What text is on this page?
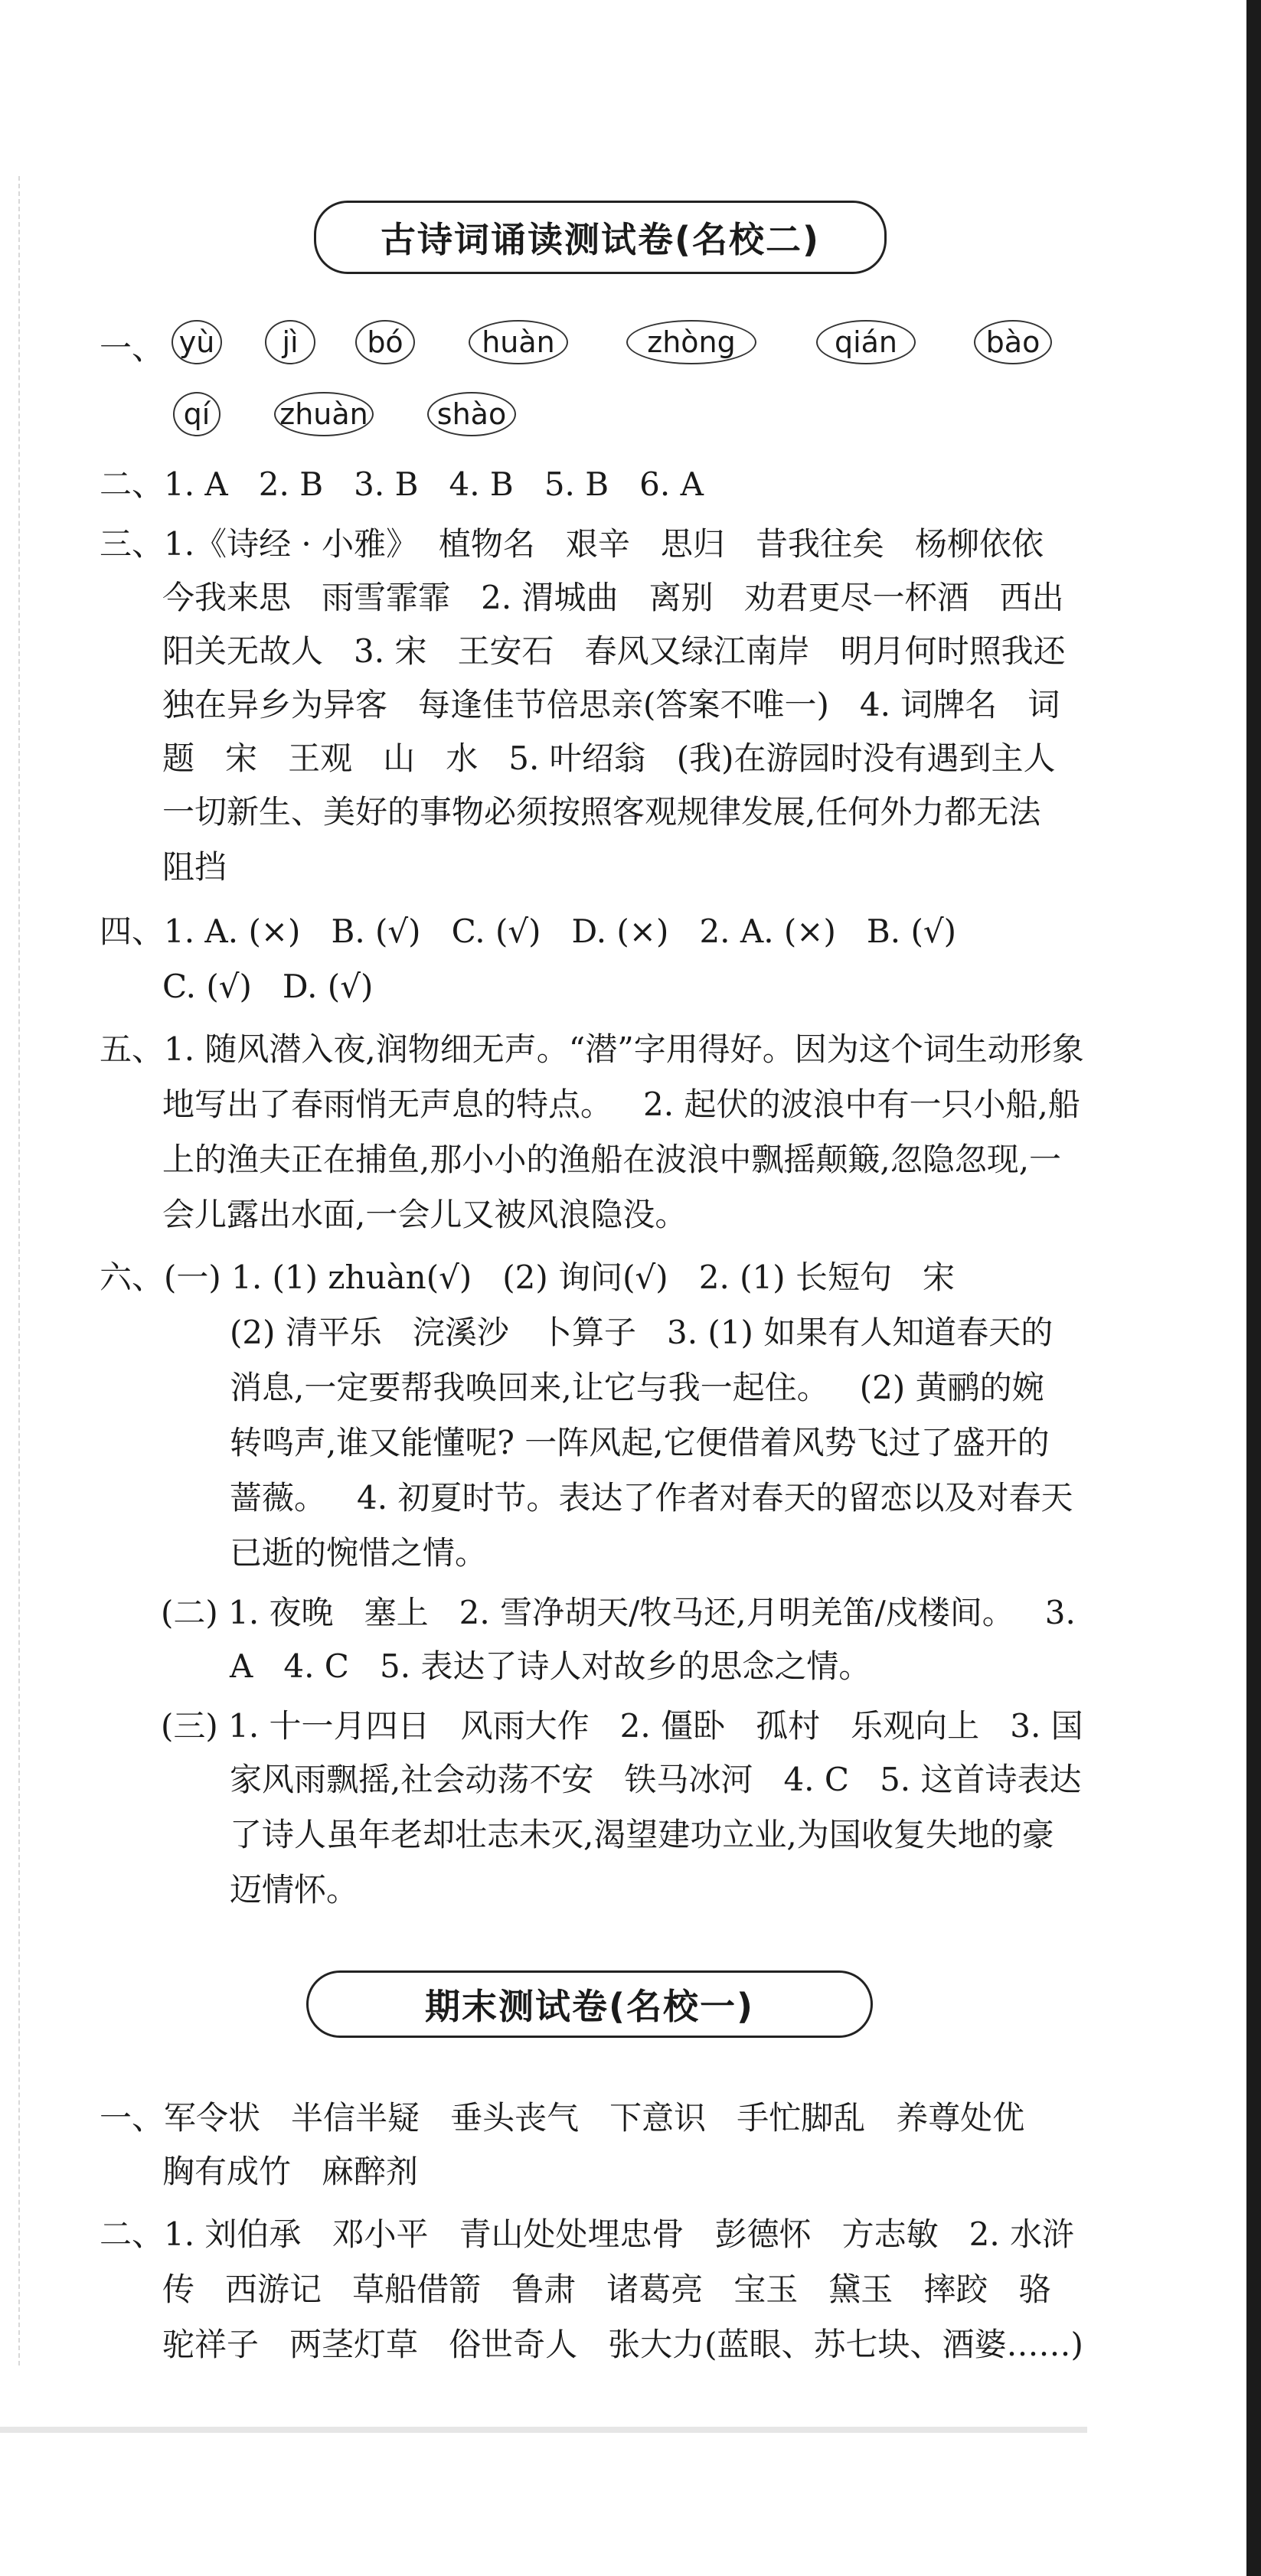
古诗词诵读测试卷(名校二)
一、 yù	jì	bó	huàn	zhòng	qián	bào
qí	zhuàn	shào
二、1. A   2. B   3. B   4. B   5. B   6. A
三、1.《诗经 · 小雅》  植物名   艰辛   思归   昔我往矣   杨柳依依
今我来思   雨雪霏霏   2. 渭城曲   离别   劝君更尽一杯酒   西出
阳关无故人   3. 宋   王安石   春风又绿江南岸   明月何时照我还
独在异乡为异客   每逢佳节倍思亲(答案不唯一)   4. 词牌名   词
题   宋   王观   山   水   5. 叶绍翁   (我)在游园时没有遇到主人
一切新生、美好的事物必须按照客观规律发展,任何外力都无法
阻挡
四、1. A. (×)   B. (√)   C. (√)   D. (×)   2. A. (×)   B. (√)
C. (√)   D. (√)
五、1. 随风潜入夜,润物细无声。“潜”字用得好。因为这个词生动形象
地写出了春雨悄无声息的特点。   2. 起伏的波浪中有一只小船,船
上的渔夫正在捕鱼,那小小的渔船在波浪中飘摇颠簸,忽隐忽现,一
会儿露出水面,一会儿又被风浪隐没。
六、(一) 1. (1) zhuàn(√)   (2) 询问(√)   2. (1) 长短句   宋
(2) 清平乐   浣溪沙   卜算子   3. (1) 如果有人知道春天的
消息,一定要帮我唤回来,让它与我一起住。   (2) 黄鹂的婉
转鸣声,谁又能懂呢? 一阵风起,它便借着风势飞过了盛开的
蔷薇。   4. 初夏时节。表达了作者对春天的留恋以及对春天
已逝的惋惜之情。
(二) 1. 夜晚   塞上   2. 雪净胡天/牧马还,月明羌笛/戍楼间。   3.
A   4. C   5. 表达了诗人对故乡的思念之情。
(三) 1. 十一月四日   风雨大作   2. 僵卧   孤村   乐观向上   3. 国
家风雨飘摇,社会动荡不安   铁马冰河   4. C   5. 这首诗表达
了诗人虽年老却壮志未灭,渴望建功立业,为国收复失地的豪
迈情怀。
期末测试卷(名校一)
一、军令状   半信半疑   垂头丧气   下意识   手忙脚乱   养尊处优
胸有成竹   麻醉剂
二、1. 刘伯承   邓小平   青山处处埋忠骨   彭德怀   方志敏   2. 水浒
传   西游记   草船借箭   鲁肃   诸葛亮   宝玉   黛玉   摔跤   骆
驼祥子   两茎灯草   俗世奇人   张大力(蓝眼、苏七块、酒婆……)
